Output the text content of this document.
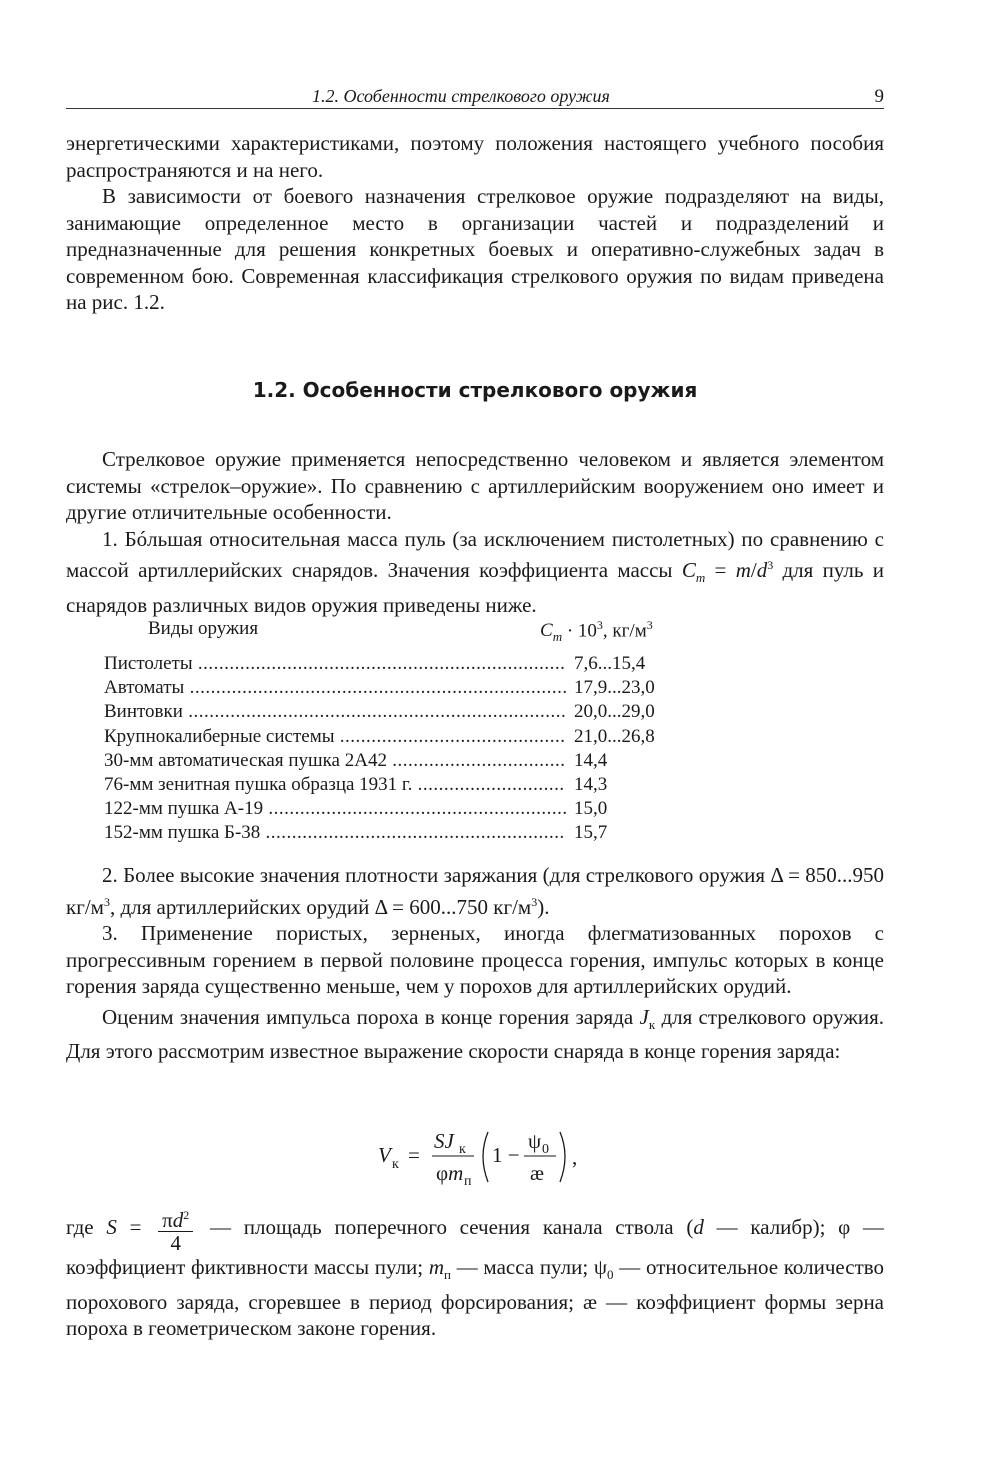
1.2. Особенности стрелкового оружия	9

энергетическими характеристиками, поэтому положения настоящего учебного пособия распространяются и на него.

В зависимости от боевого назначения стрелковое оружие подразделяют на виды, занимающие определенное место в организации частей и подразделений и предназначенные для решения конкретных боевых и оперативно-служебных задач в современном бою. Современная классификация стрелкового оружия по видам приведена на рис. 1.2.

1.2. Особенности стрелкового оружия

Стрелковое оружие применяется непосредственно человеком и является элементом системы «стрелок–оружие». По сравнению с артиллерийским вооружением оно имеет и другие отличительные особенности.

1. Бóльшая относительная масса пуль (за исключением пистолетных) по сравнению с массой артиллерийских снарядов. Значения коэффициента массы $C_m = m/d^3$ для пуль и снарядов различных видов оружия приведены ниже.

Виды оружия	$C_m \cdot 10^3$, $кг/м^3$
Пистолеты .....	7,6...15,4
Автоматы .....	17,9...23,0
Винтовки .....	20,0...29,0
Крупнокалиберные системы .....	21,0...26,8
30-мм автоматическая пушка 2А42 .....	14,4
76-мм зенитная пушка образца 1931 г. .....	14,3
122-мм пушка А-19 .....	15,0
152-мм пушка Б-38 .....	15,7

2. Более высокие значения плотности заряжания (для стрелкового оружия Δ = 850...950 $кг/м^3$, для артиллерийских орудий Δ = 600...750 $кг/м^3$).

3. Применение пористых, зерненых, иногда флегматизованных порохов с прогрессивным горением в первой половине процесса горения, импульс которых в конце горения заряда существенно меньше, чем у порохов для артиллерийских орудий.

Оценим значения импульса пороха в конце горения заряда $J_к$ для стрелкового оружия. Для этого рассмотрим известное выражение скорости снаряда в конце горения заряда:

V к =
SJ к
φm п
1 −
ψ 0
æ
,

где $S = \frac{\pi d^2}{4}$ — площадь поперечного сечения канала ствола (d — калибр); φ — коэффициент фиктивности массы пули; $m_п$ — масса пули; $\psi_0$ — относительное количество порохового заряда, сгоревшее в период форсирования; æ — коэффициент формы зерна пороха в геометрическом законе горения.
